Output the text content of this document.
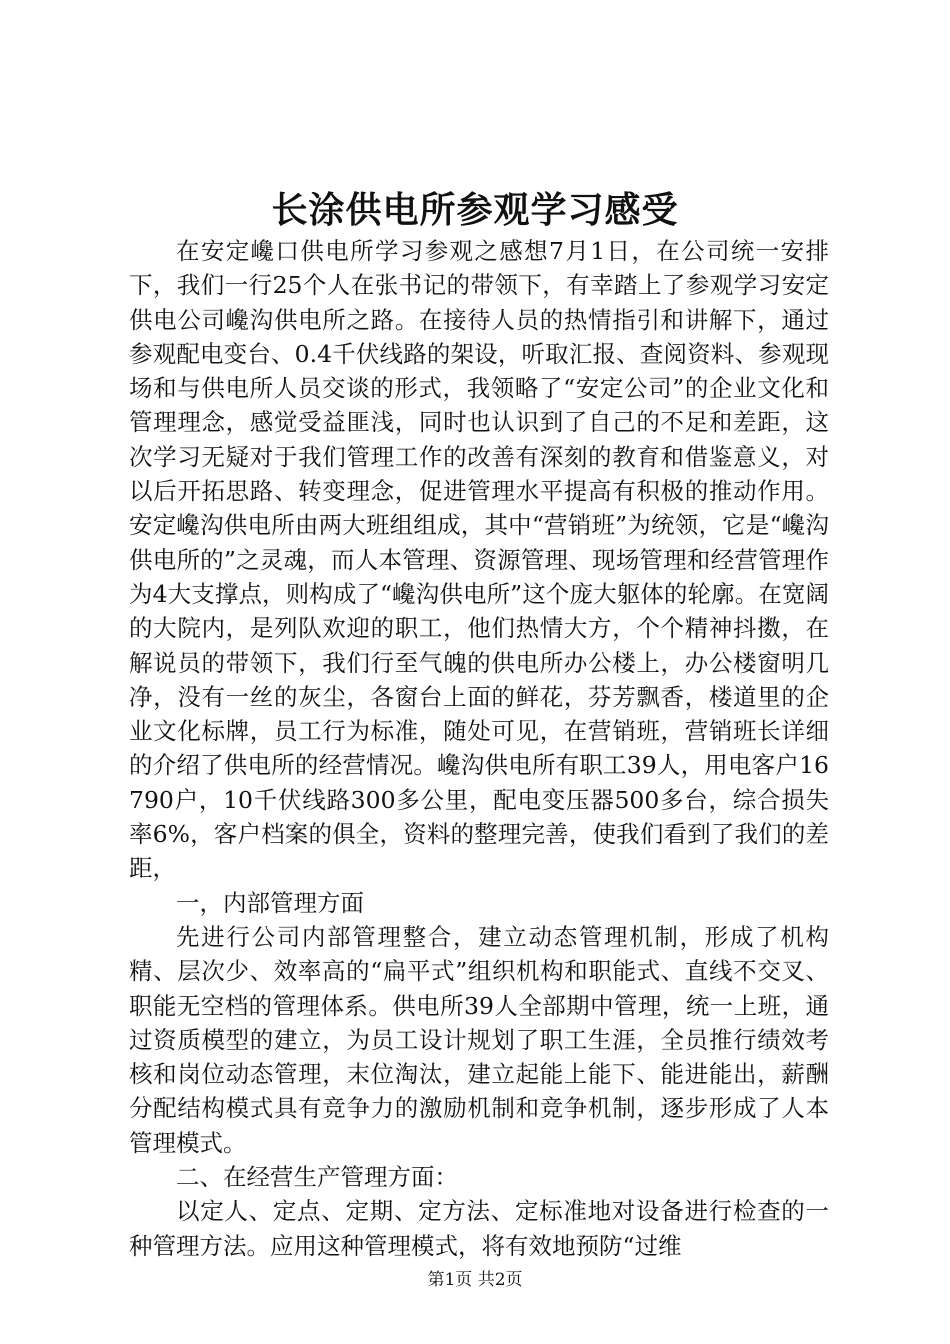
长涂供电所参观学习感受

在安定巉口供电所学习参观之感想7月1日，在公司统一安排下，我们一行25个人在张书记的带领下，有幸踏上了参观学习安定供电公司巉沟供电所之路。在接待人员的热情指引和讲解下，通过参观配电变台、0.4千伏线路的架设，听取汇报、查阅资料、参观现场和与供电所人员交谈的形式，我领略了“安定公司”的企业文化和管理理念，感觉受益匪浅，同时也认识到了自己的不足和差距，这次学习无疑对于我们管理工作的改善有深刻的教育和借鉴意义，对以后开拓思路、转变理念，促进管理水平提高有积极的推动作用。安定巉沟供电所由两大班组组成，其中“营销班”为统领，它是“巉沟供电所的”之灵魂，而人本管理、资源管理、现场管理和经营管理作为4大支撑点，则构成了“巉沟供电所”这个庞大躯体的轮廓。在宽阔的大院内，是列队欢迎的职工，他们热情大方，个个精神抖擞，在解说员的带领下，我们行至气魄的供电所办公楼上，办公楼窗明几净，没有一丝的灰尘，各窗台上面的鲜花，芬芳飘香，楼道里的企业文化标牌，员工行为标准，随处可见，在营销班，营销班长详细的介绍了供电所的经营情况。巉沟供电所有职工39人，用电客户16790户，10千伏线路300多公里，配电变压器500多台，综合损失率6%，客户档案的俱全，资料的整理完善，使我们看到了我们的差距，

一，内部管理方面

先进行公司内部管理整合，建立动态管理机制，形成了机构精、层次少、效率高的“扁平式”组织机构和职能式、直线不交叉、职能无空档的管理体系。供电所39人全部期中管理，统一上班，通过资质模型的建立，为员工设计规划了职工生涯，全员推行绩效考核和岗位动态管理，末位淘汰，建立起能上能下、能进能出，薪酬分配结构模式具有竞争力的激励机制和竞争机制，逐步形成了人本管理模式。

二、在经营生产管理方面：

以定人、定点、定期、定方法、定标准地对设备进行检查的一种管理方法。应用这种管理模式，将有效地预防“过维

第1页 共2页
